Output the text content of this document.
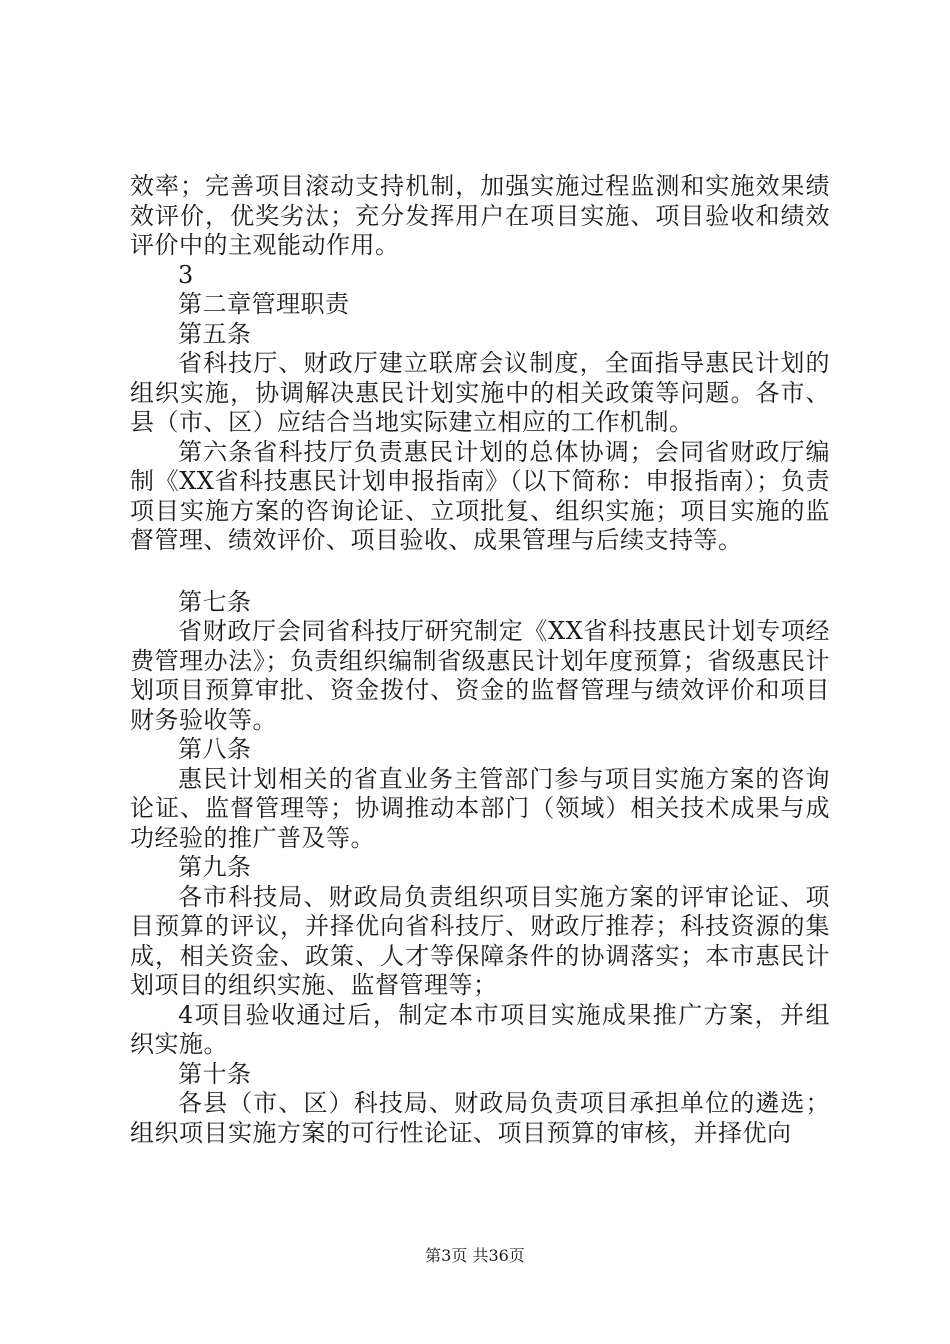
效率；完善项目滚动支持机制，加强实施过程监测和实施效果绩效评价，优奖劣汰；充分发挥用户在项目实施、项目验收和绩效评价中的主观能动作用。

3

第二章管理职责

第五条

省科技厅、财政厅建立联席会议制度，全面指导惠民计划的组织实施，协调解决惠民计划实施中的相关政策等问题。各市、县（市、区）应结合当地实际建立相应的工作机制。

第六条省科技厅负责惠民计划的总体协调；会同省财政厅编制《XX省科技惠民计划申报指南》（以下简称：申报指南）；负责项目实施方案的咨询论证、立项批复、组织实施；项目实施的监督管理、绩效评价、项目验收、成果管理与后续支持等。

第七条

省财政厅会同省科技厅研究制定《XX省科技惠民计划专项经费管理办法》；负责组织编制省级惠民计划年度预算；省级惠民计划项目预算审批、资金拨付、资金的监督管理与绩效评价和项目财务验收等。

第八条

惠民计划相关的省直业务主管部门参与项目实施方案的咨询论证、监督管理等；协调推动本部门（领域）相关技术成果与成功经验的推广普及等。

第九条

各市科技局、财政局负责组织项目实施方案的评审论证、项目预算的评议，并择优向省科技厅、财政厅推荐；科技资源的集成，相关资金、政策、人才等保障条件的协调落实；本市惠民计划项目的组织实施、监督管理等；

4项目验收通过后，制定本市项目实施成果推广方案，并组织实施。

第十条

各县（市、区）科技局、财政局负责项目承担单位的遴选；组织项目实施方案的可行性论证、项目预算的审核，并择优向

第3页 共36页
